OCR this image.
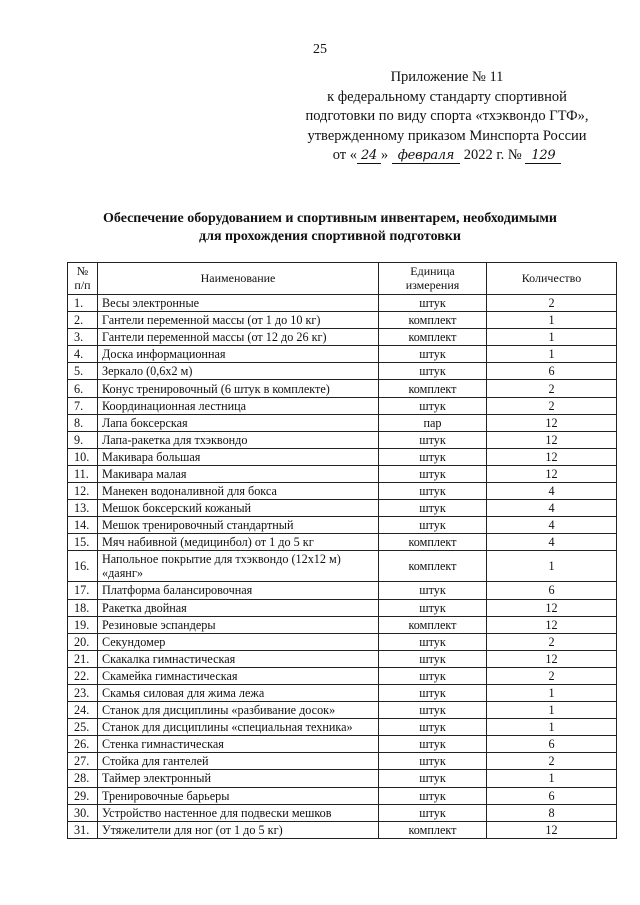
25
Приложение № 11
к федеральному стандарту спортивной
подготовки по виду спорта «тхэквондо ГТФ»,
утвержденному приказом Минспорта России
от « 24 » февраля 2022 г. № 129
Обеспечение оборудованием и спортивным инвентарем, необходимыми
для прохождения спортивной подготовки
№ п/п	Наименование	Единица измерения	Количество
1.	Весы электронные	штук	2
2.	Гантели переменной массы (от 1 до 10 кг)	комплект	1
3.	Гантели переменной массы (от 12 до 26 кг)	комплект	1
4.	Доска информационная	штук	1
5.	Зеркало (0,6х2 м)	штук	6
6.	Конус тренировочный (6 штук в комплекте)	комплект	2
7.	Координационная лестница	штук	2
8.	Лапа боксерская	пар	12
9.	Лапа-ракетка для тхэквондо	штук	12
10.	Макивара большая	штук	12
11.	Макивара малая	штук	12
12.	Манекен водоналивной для бокса	штук	4
13.	Мешок боксерский кожаный	штук	4
14.	Мешок тренировочный стандартный	штук	4
15.	Мяч набивной (медицинбол) от 1 до 5 кг	комплект	4
16.	Напольное покрытие для тхэквондо (12х12 м) «даянг»	комплект	1
17.	Платформа балансировочная	штук	6
18.	Ракетка двойная	штук	12
19.	Резиновые эспандеры	комплект	12
20.	Секундомер	штук	2
21.	Скакалка гимнастическая	штук	12
22.	Скамейка гимнастическая	штук	2
23.	Скамья силовая для жима лежа	штук	1
24.	Станок для дисциплины «разбивание досок»	штук	1
25.	Станок для дисциплины «специальная техника»	штук	1
26.	Стенка гимнастическая	штук	6
27.	Стойка для гантелей	штук	2
28.	Таймер электронный	штук	1
29.	Тренировочные барьеры	штук	6
30.	Устройство настенное для подвески мешков	штук	8
31.	Утяжелители для ног (от 1 до 5 кг)	комплект	12
